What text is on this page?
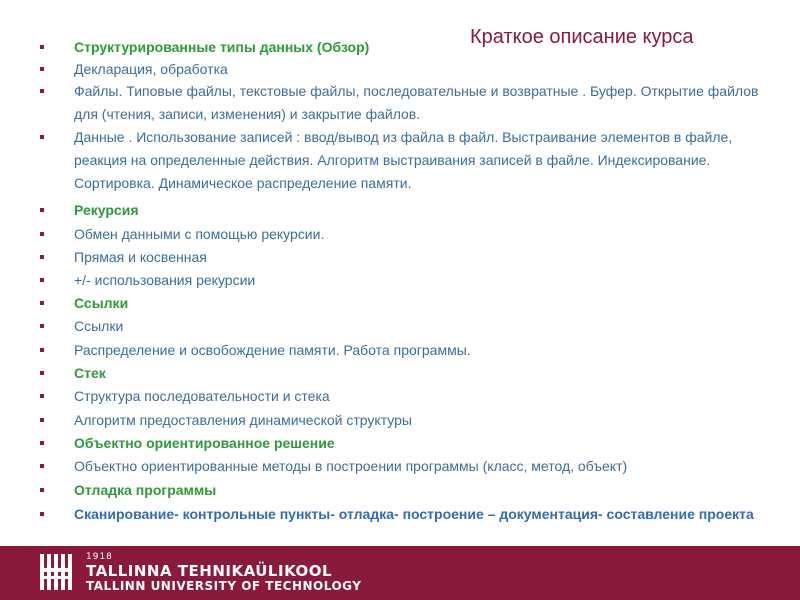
Краткое описание курса
Структурированные типы данных (Обзор)
Декларация, обработка
Файлы. Типовые файлы, текстовые файлы, последовательные и возвратные . Буфер. Открытие файлов для (чтения, записи, изменения) и закрытие файлов.
Данные . Использование записей : ввод/вывод из файла в файл. Выстраивание элементов в файле, реакция на определенные действия. Алгоритм выстраивания записей в файле. Индексирование. Сортировка. Динамическое распределение памяти.
Рекурсия
Обмен данными с помощью рекурсии.
Прямая и косвенная
+/- использования рекурсии
Ссылки
Ссылки
Распределение и освобождение памяти. Работа программы.
Стек
Структура последовательности и стека
Алгоритм предоставления динамической структуры
Объектно ориентированное решение
Объектно ориентированные методы в построении программы (класс, метод, объект)
Отладка программы
Сканирование- контрольные пункты- отладка- построение – документация- составление проекта
1918
TALLINNA TEHNIKAÜLIKOOL
TALLINN UNIVERSITY OF TECHNOLOGY
